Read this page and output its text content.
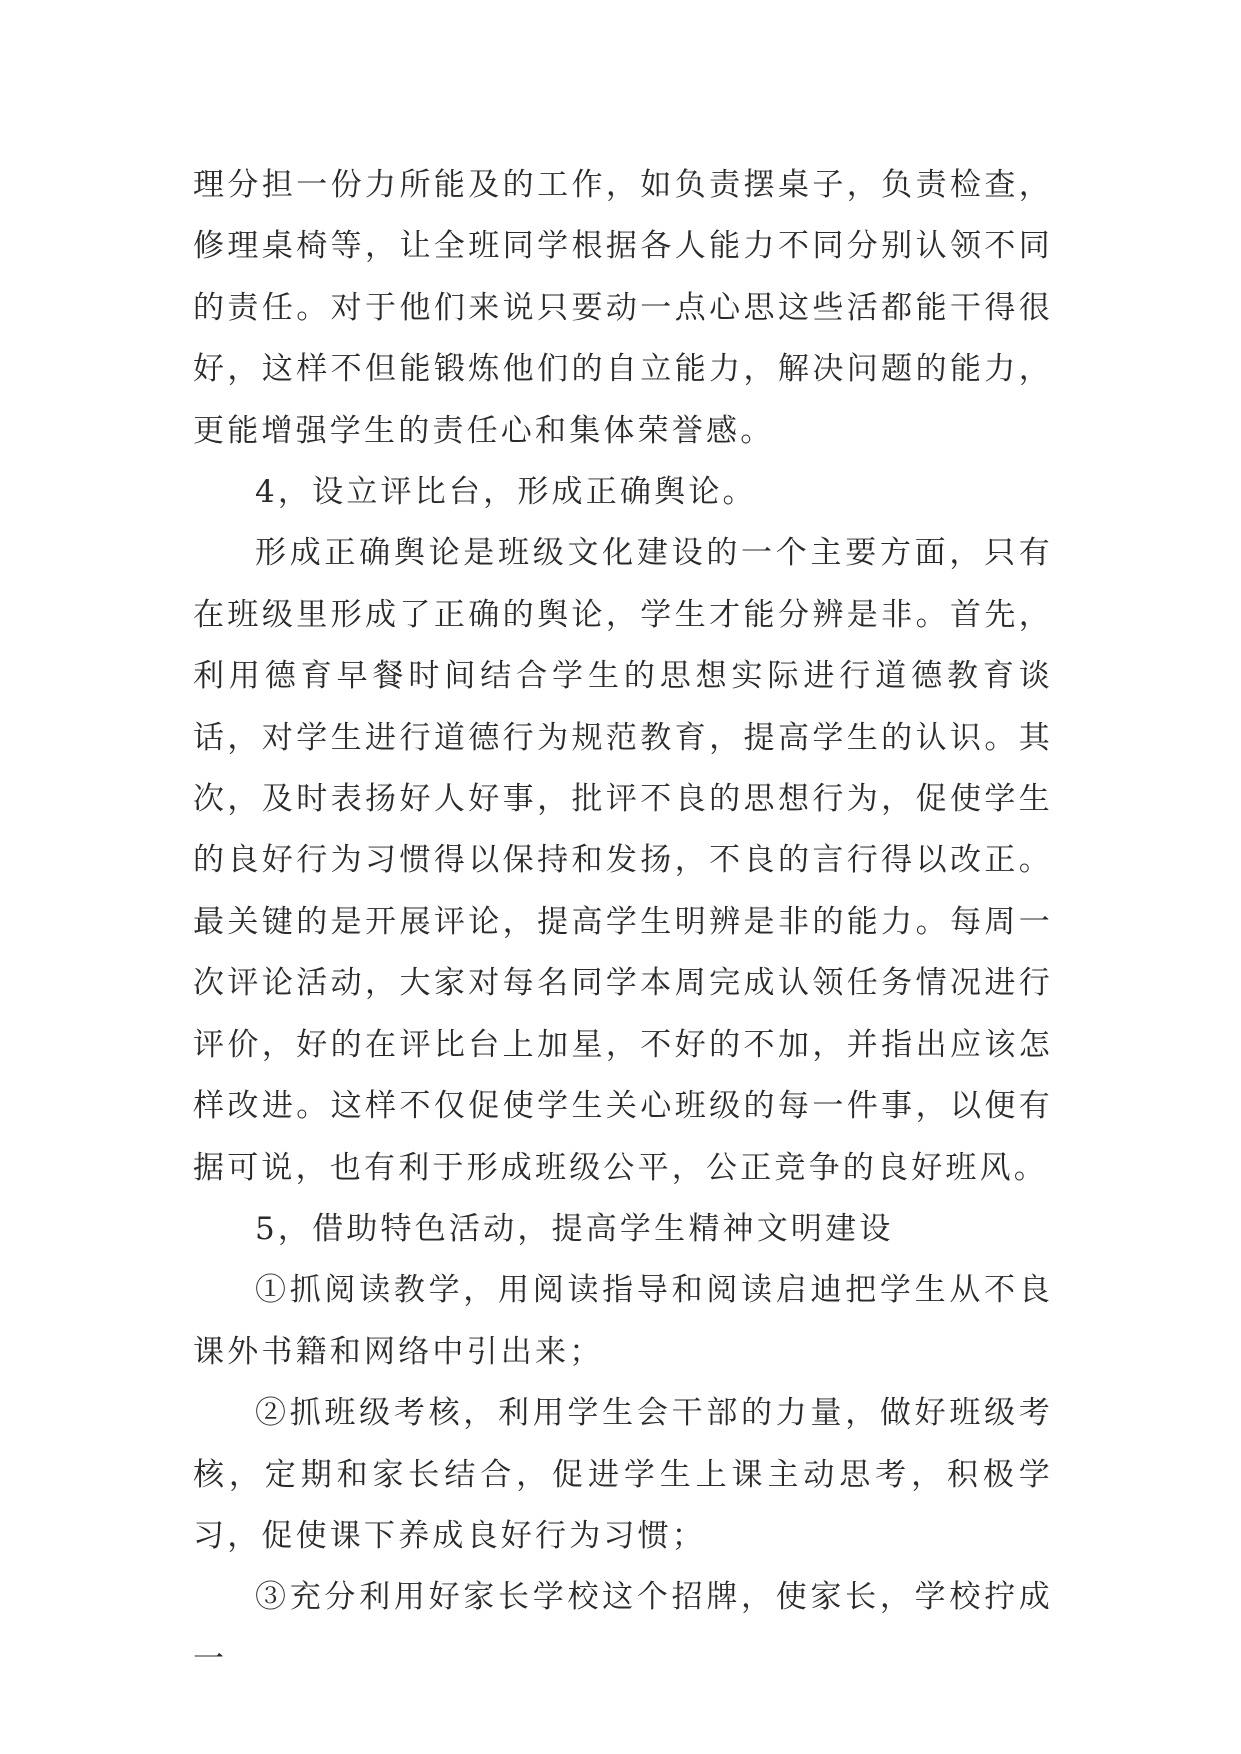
理分担一份力所能及的工作，如负责摆桌子，负责检查，修理桌椅等，让全班同学根据各人能力不同分别认领不同的责任。对于他们来说只要动一点心思这些活都能干得很好，这样不但能锻炼他们的自立能力，解决问题的能力，更能增强学生的责任心和集体荣誉感。

4，设立评比台，形成正确舆论。

形成正确舆论是班级文化建设的一个主要方面，只有在班级里形成了正确的舆论，学生才能分辨是非。首先，利用德育早餐时间结合学生的思想实际进行道德教育谈话，对学生进行道德行为规范教育，提高学生的认识。其次，及时表扬好人好事，批评不良的思想行为，促使学生的良好行为习惯得以保持和发扬，不良的言行得以改正。最关键的是开展评论，提高学生明辨是非的能力。每周一次评论活动，大家对每名同学本周完成认领任务情况进行评价，好的在评比台上加星，不好的不加，并指出应该怎样改进。这样不仅促使学生关心班级的每一件事，以便有据可说，也有利于形成班级公平，公正竞争的良好班风。

5，借助特色活动，提高学生精神文明建设

①抓阅读教学，用阅读指导和阅读启迪把学生从不良课外书籍和网络中引出来；

②抓班级考核，利用学生会干部的力量，做好班级考核，定期和家长结合，促进学生上课主动思考，积极学习，促使课下养成良好行为习惯；

③充分利用好家长学校这个招牌，使家长，学校拧成一
